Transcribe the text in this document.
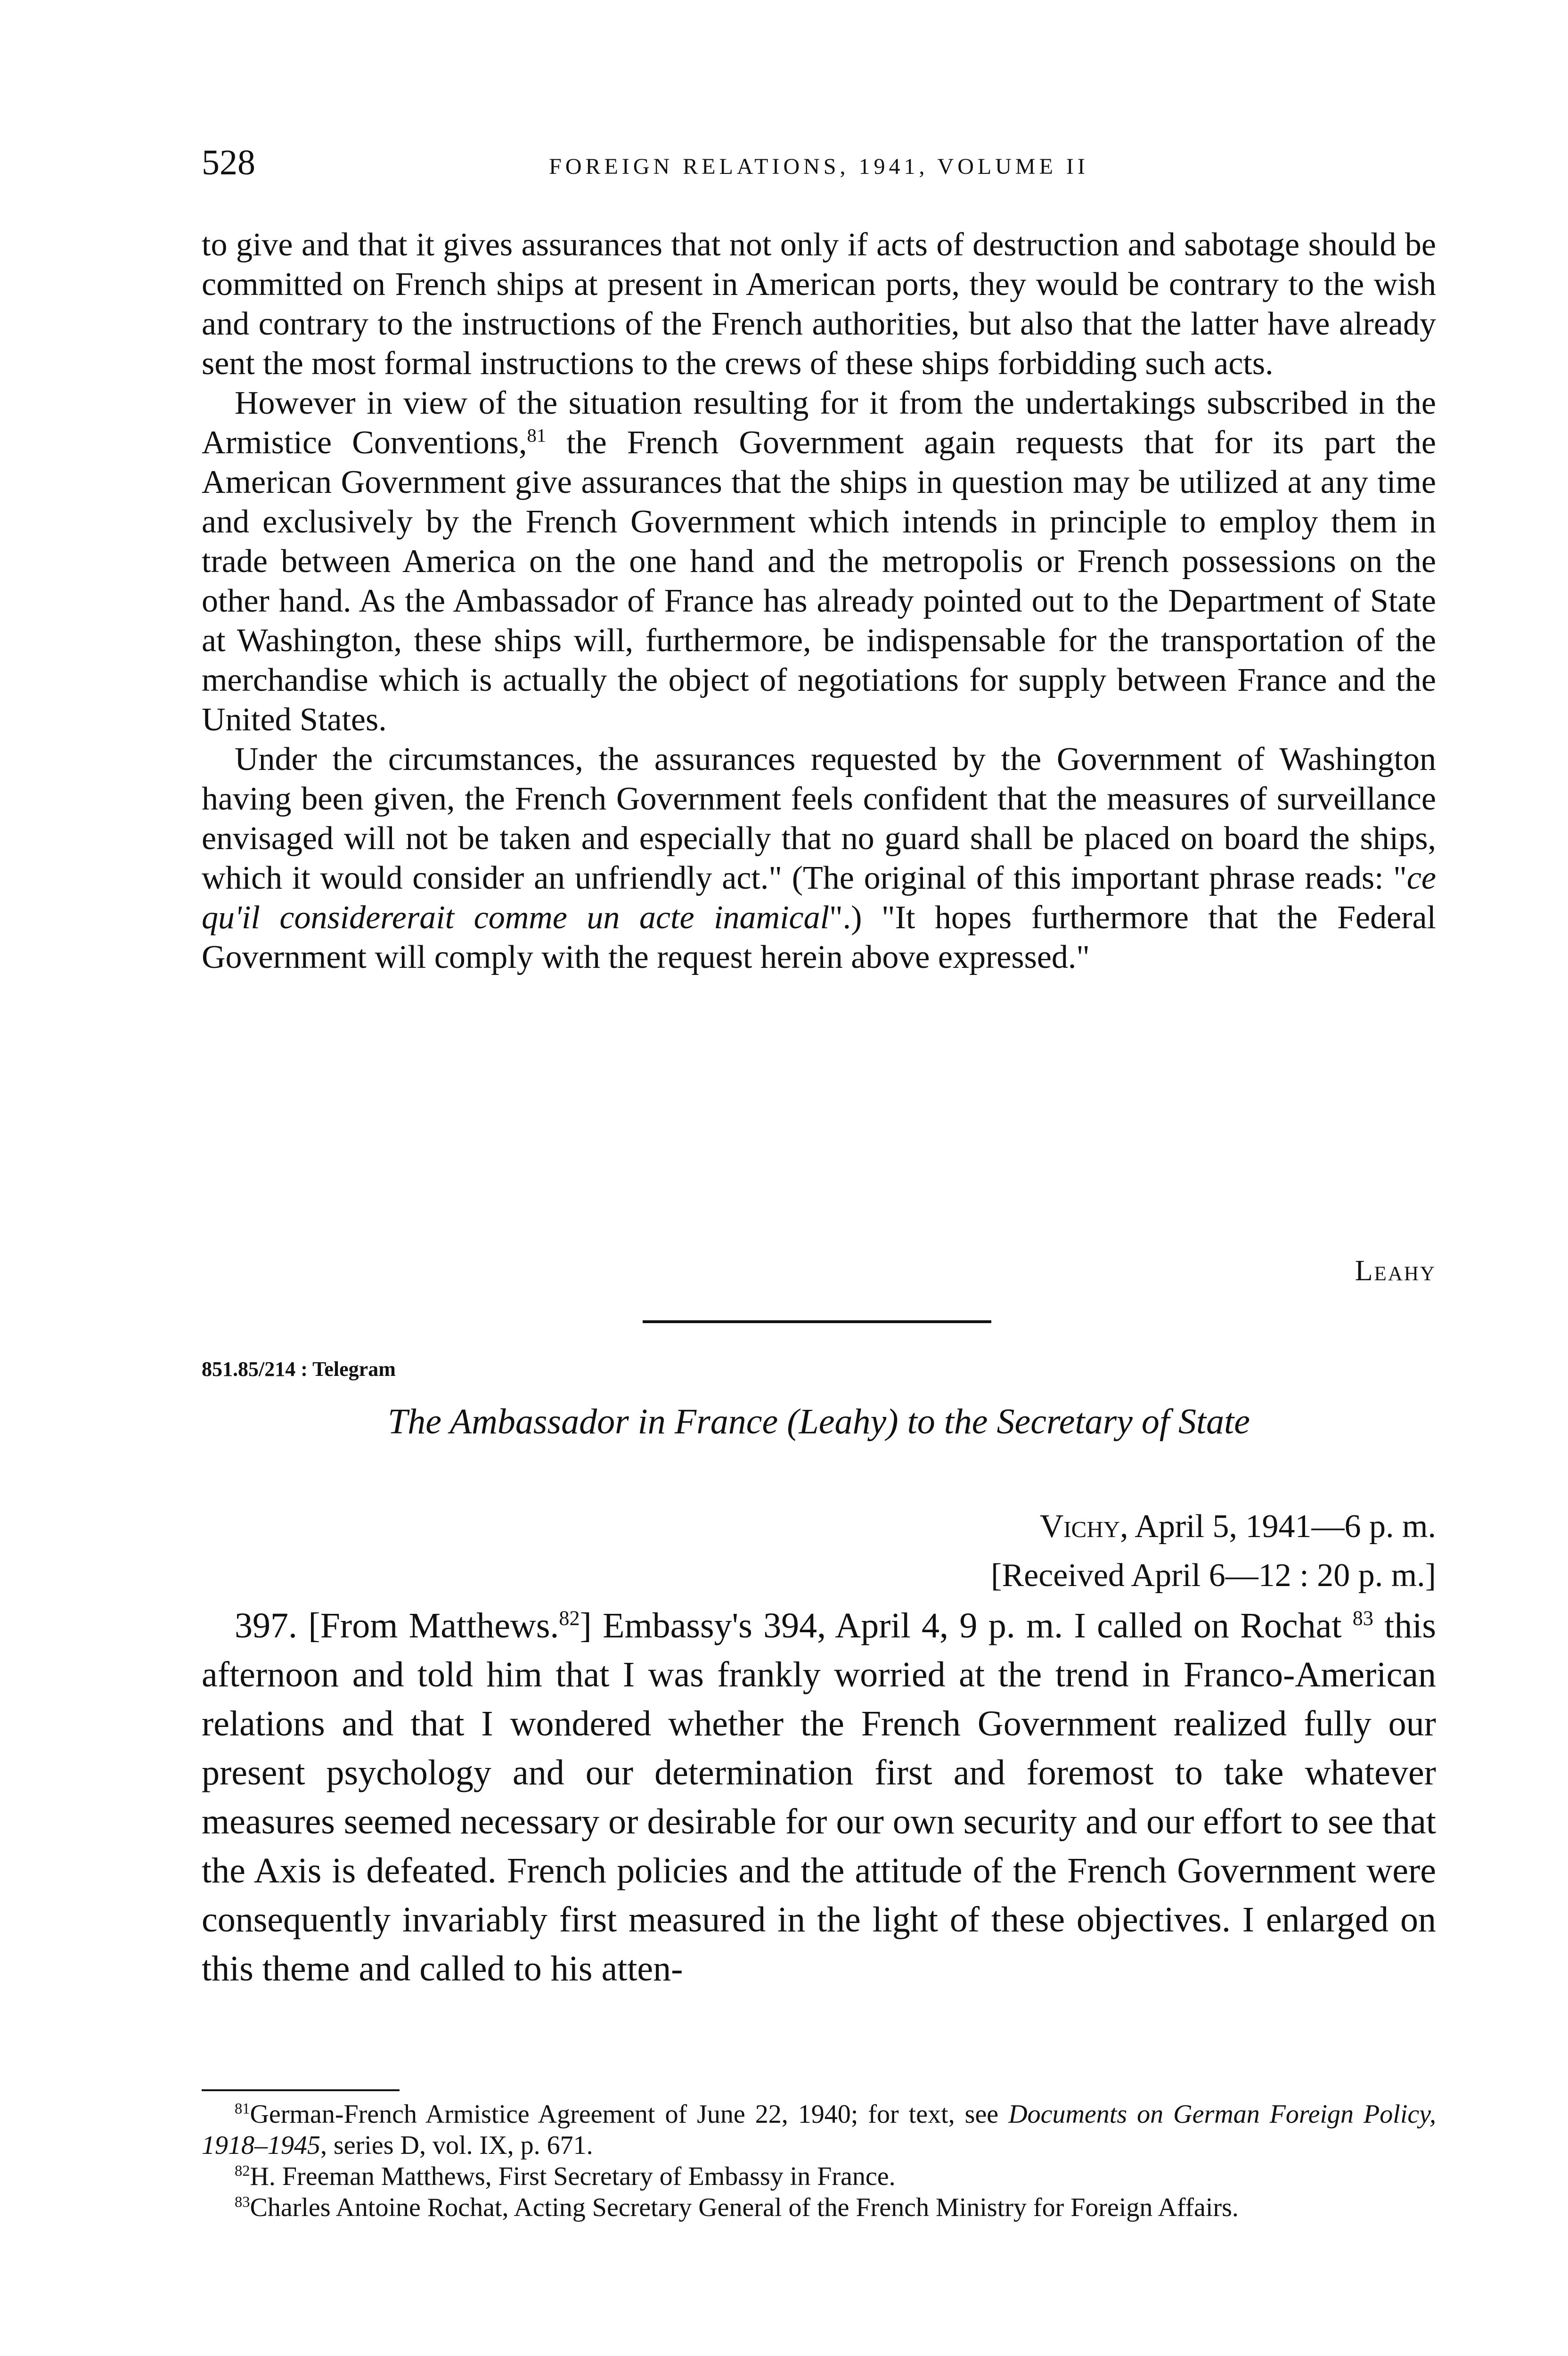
528	FOREIGN RELATIONS, 1941, VOLUME II

to give and that it gives assurances that not only if acts of destruction and sabotage should be committed on French ships at present in American ports, they would be contrary to the wish and contrary to the instructions of the French authorities, but also that the latter have already sent the most formal instructions to the crews of these ships forbidding such acts.

However in view of the situation resulting for it from the undertakings subscribed in the Armistice Conventions,$^{81}$ the French Government again requests that for its part the American Government give assurances that the ships in question may be utilized at any time and exclusively by the French Government which intends in principle to employ them in trade between America on the one hand and the metropolis or French possessions on the other hand. As the Ambassador of France has already pointed out to the Department of State at Washington, these ships will, furthermore, be indispensable for the transportation of the merchandise which is actually the object of negotiations for supply between France and the United States.

Under the circumstances, the assurances requested by the Government of Washington having been given, the French Government feels confident that the measures of surveillance envisaged will not be taken and especially that no guard shall be placed on board the ships, which it would consider an unfriendly act." (The original of this important phrase reads: "ce qu'il considererait comme un acte inamical".) "It hopes furthermore that the Federal Government will comply with the request herein above expressed."

Leahy
851.85/214 : Telegram
The Ambassador in France (Leahy) to the Secretary of State
Vichy, April 5, 1941—6 p. m.
[Received April 6—12 : 20 p. m.]

397. [From Matthews.$^{82}$] Embassy's 394, April 4, 9 p. m. I called on Rochat $^{83}$ this afternoon and told him that I was frankly worried at the trend in Franco-American relations and that I wondered whether the French Government realized fully our present psychology and our determination first and foremost to take whatever measures seemed necessary or desirable for our own security and our effort to see that the Axis is defeated. French policies and the attitude of the French Government were consequently invariably first measured in the light of these objectives. I enlarged on this theme and called to his atten-

$^{81}$German-French Armistice Agreement of June 22, 1940; for text, see Documents on German Foreign Policy, 1918–1945, series D, vol. IX, p. 671.

$^{82}$H. Freeman Matthews, First Secretary of Embassy in France.

$^{83}$Charles Antoine Rochat, Acting Secretary General of the French Ministry for Foreign Affairs.
